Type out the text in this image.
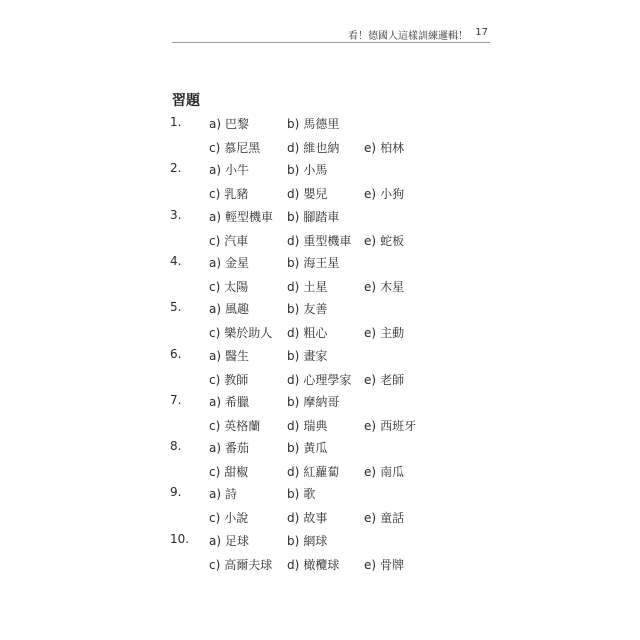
看！德國人這樣訓練邏輯！ 17
習題
1. a) 巴黎	b) 馬德里
c) 慕尼黑 d) 維也納 e) 柏林
2. a) 小牛	b) 小馬
c) 乳豬	d) 嬰兒	e) 小狗
3. a) 輕型機車 b) 腳踏車
c) 汽車	d) 重型機車 e) 蛇板
4. a) 金星	b) 海王星
c) 太陽	d) 土星	e) 木星
5. a) 風趣	b) 友善
c) 樂於助人 d) 粗心	e) 主動
6. a) 醫生	b) 畫家
c) 教師	d) 心理學家 e) 老師
7. a) 希臘	b) 摩納哥
c) 英格蘭 d) 瑞典	e) 西班牙
8. a) 番茄	b) 黃瓜
c) 甜椒	d) 紅蘿蔔 e) 南瓜
9. a) 詩	b) 歌
c) 小說	d) 故事	e) 童話
10. a) 足球	b) 網球
c) 高爾夫球 d) 橄欖球 e) 骨牌
